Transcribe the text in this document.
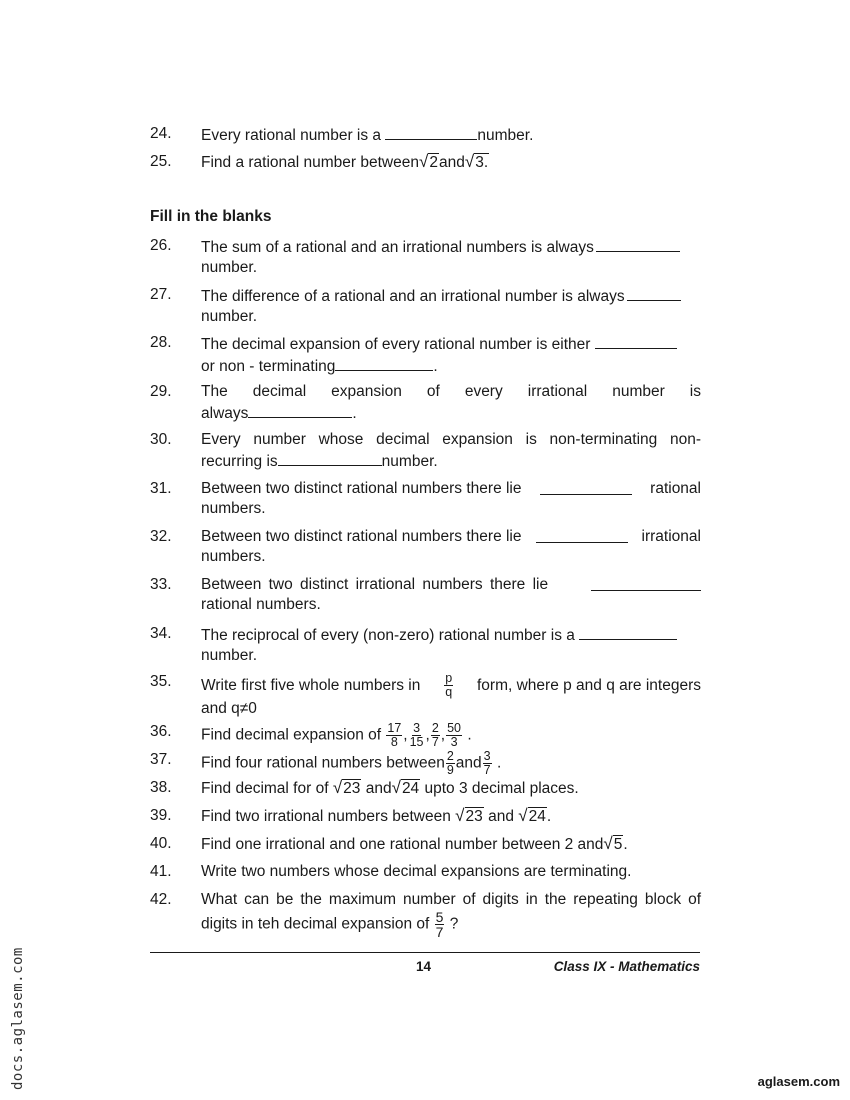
24. Every rational number is a	number.
25. Find a rational number between√2and√3.
Fill in the blanks
26. The sum of a rational and an irrational numbers is always
number.
27. The difference of a rational and an irrational number is always
number.
28. The decimal expansion of every rational number is either
or non - terminating	.
29. The decimal expansion of every irrational number is
always	.
30. Every number whose decimal expansion is non-terminating non-
recurring is	number.
31. Between two distinct rational numbers there lie	rational
numbers.
32. Between two distinct rational numbers there lie	irrational
numbers.
33. Between two distinct irrational numbers there lie
rational numbers.
34. The reciprocal of every (non-zero) rational number is a
number.
35. Write first five whole numbers in $\frac{p}{q}$ form, where p and q are integers
and q≠0
36. Find decimal expansion of $\frac{17}{8}$ , $\frac{3}{15}$ , $\frac{2}{7}$ , $\frac{50}{3}$ .
37. Find four rational numbers between $\frac{2}{9}$ and $\frac{3}{7}$ .
38. Find decimal for of √23 and√24 upto 3 decimal places.
39. Find two irrational numbers between √23 and √24.
40. Find one irrational and one rational number between 2 and√5.
41. Write two numbers whose decimal expansions are terminating.
42. What can be the maximum number of digits in the repeating block of
digits in teh decimal expansion of $\frac{5}{7}$ ?
14	Class IX - Mathematics
docs.aglasem.com	aglasem.com
